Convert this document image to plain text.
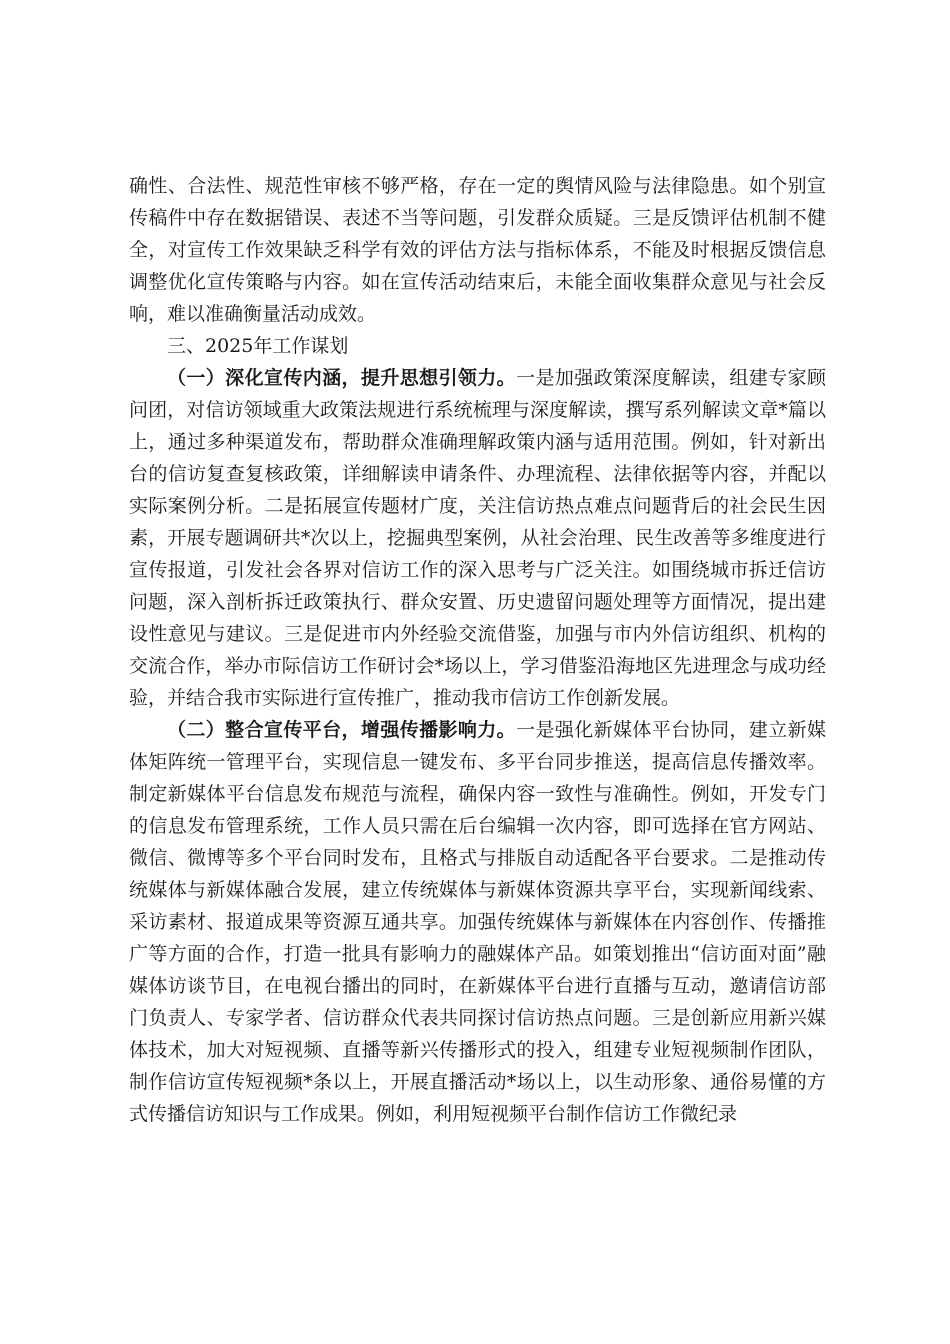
确性、合法性、规范性审核不够严格，存在一定的舆情风险与法律隐患。如个别宣传稿件中存在数据错误、表述不当等问题，引发群众质疑。三是反馈评估机制不健全，对宣传工作效果缺乏科学有效的评估方法与指标体系，不能及时根据反馈信息调整优化宣传策略与内容。如在宣传活动结束后，未能全面收集群众意见与社会反响，难以准确衡量活动成效。

三、2025年工作谋划

（一）深化宣传内涵，提升思想引领力。一是加强政策深度解读，组建专家顾问团，对信访领域重大政策法规进行系统梳理与深度解读，撰写系列解读文章*篇以上，通过多种渠道发布，帮助群众准确理解政策内涵与适用范围。例如，针对新出台的信访复查复核政策，详细解读申请条件、办理流程、法律依据等内容，并配以实际案例分析。二是拓展宣传题材广度，关注信访热点难点问题背后的社会民生因素，开展专题调研共*次以上，挖掘典型案例，从社会治理、民生改善等多维度进行宣传报道，引发社会各界对信访工作的深入思考与广泛关注。如围绕城市拆迁信访问题，深入剖析拆迁政策执行、群众安置、历史遗留问题处理等方面情况，提出建设性意见与建议。三是促进市内外经验交流借鉴，加强与市内外信访组织、机构的交流合作，举办市际信访工作研讨会*场以上，学习借鉴沿海地区先进理念与成功经验，并结合我市实际进行宣传推广，推动我市信访工作创新发展。

（二）整合宣传平台，增强传播影响力。一是强化新媒体平台协同，建立新媒体矩阵统一管理平台，实现信息一键发布、多平台同步推送，提高信息传播效率。制定新媒体平台信息发布规范与流程，确保内容一致性与准确性。例如，开发专门的信息发布管理系统，工作人员只需在后台编辑一次内容，即可选择在官方网站、微信、微博等多个平台同时发布，且格式与排版自动适配各平台要求。二是推动传统媒体与新媒体融合发展，建立传统媒体与新媒体资源共享平台，实现新闻线索、采访素材、报道成果等资源互通共享。加强传统媒体与新媒体在内容创作、传播推广等方面的合作，打造一批具有影响力的融媒体产品。如策划推出“信访面对面”融媒体访谈节目，在电视台播出的同时，在新媒体平台进行直播与互动，邀请信访部门负责人、专家学者、信访群众代表共同探讨信访热点问题。三是创新应用新兴媒体技术，加大对短视频、直播等新兴传播形式的投入，组建专业短视频制作团队，制作信访宣传短视频*条以上，开展直播活动*场以上，以生动形象、通俗易懂的方式传播信访知识与工作成果。例如，利用短视频平台制作信访工作微纪录
